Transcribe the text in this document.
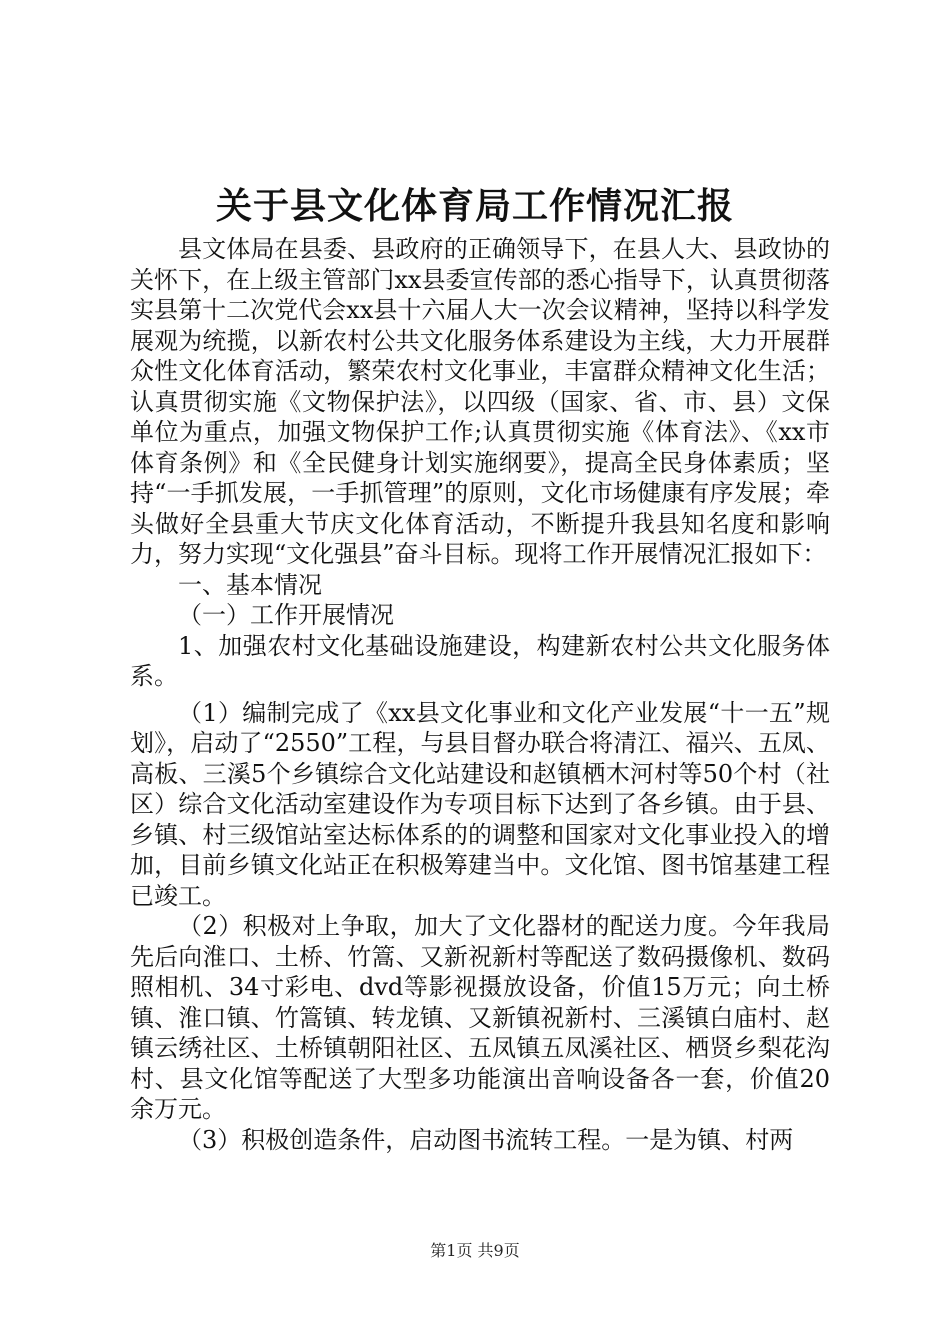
关于县文化体育局工作情况汇报

县文体局在县委、县政府的正确领导下，在县人大、县政协的关怀下，在上级主管部门xx县委宣传部的悉心指导下，认真贯彻落实县第十二次党代会xx县十六届人大一次会议精神，坚持以科学发展观为统揽，以新农村公共文化服务体系建设为主线，大力开展群众性文化体育活动，繁荣农村文化事业，丰富群众精神文化生活；认真贯彻实施《文物保护法》，以四级（国家、省、市、县）文保单位为重点，加强文物保护工作;认真贯彻实施《体育法》、《xx市体育条例》和《全民健身计划实施纲要》，提高全民身体素质；坚持“一手抓发展，一手抓管理”的原则，文化市场健康有序发展；牵头做好全县重大节庆文化体育活动，不断提升我县知名度和影响力，努力实现“文化强县”奋斗目标。现将工作开展情况汇报如下：

一、基本情况

（一）工作开展情况

1、加强农村文化基础设施建设，构建新农村公共文化服务体系。

（1）编制完成了《xx县文化事业和文化产业发展“十一五”规划》，启动了“2550”工程，与县目督办联合将清江、福兴、五凤、高板、三溪5个乡镇综合文化站建设和赵镇栖木河村等50个村（社区）综合文化活动室建设作为专项目标下达到了各乡镇。由于县、乡镇、村三级馆站室达标体系的的调整和国家对文化事业投入的增加，目前乡镇文化站正在积极筹建当中。文化馆、图书馆基建工程已竣工。

（2）积极对上争取，加大了文化器材的配送力度。今年我局先后向淮口、土桥、竹篙、又新祝新村等配送了数码摄像机、数码照相机、34寸彩电、dvd等影视摄放设备，价值15万元；向土桥镇、淮口镇、竹篙镇、转龙镇、又新镇祝新村、三溪镇白庙村、赵镇云绣社区、土桥镇朝阳社区、五凤镇五凤溪社区、栖贤乡梨花沟村、县文化馆等配送了大型多功能演出音响设备各一套，价值20余万元。

（3）积极创造条件，启动图书流转工程。一是为镇、村两

第1页 共9页
